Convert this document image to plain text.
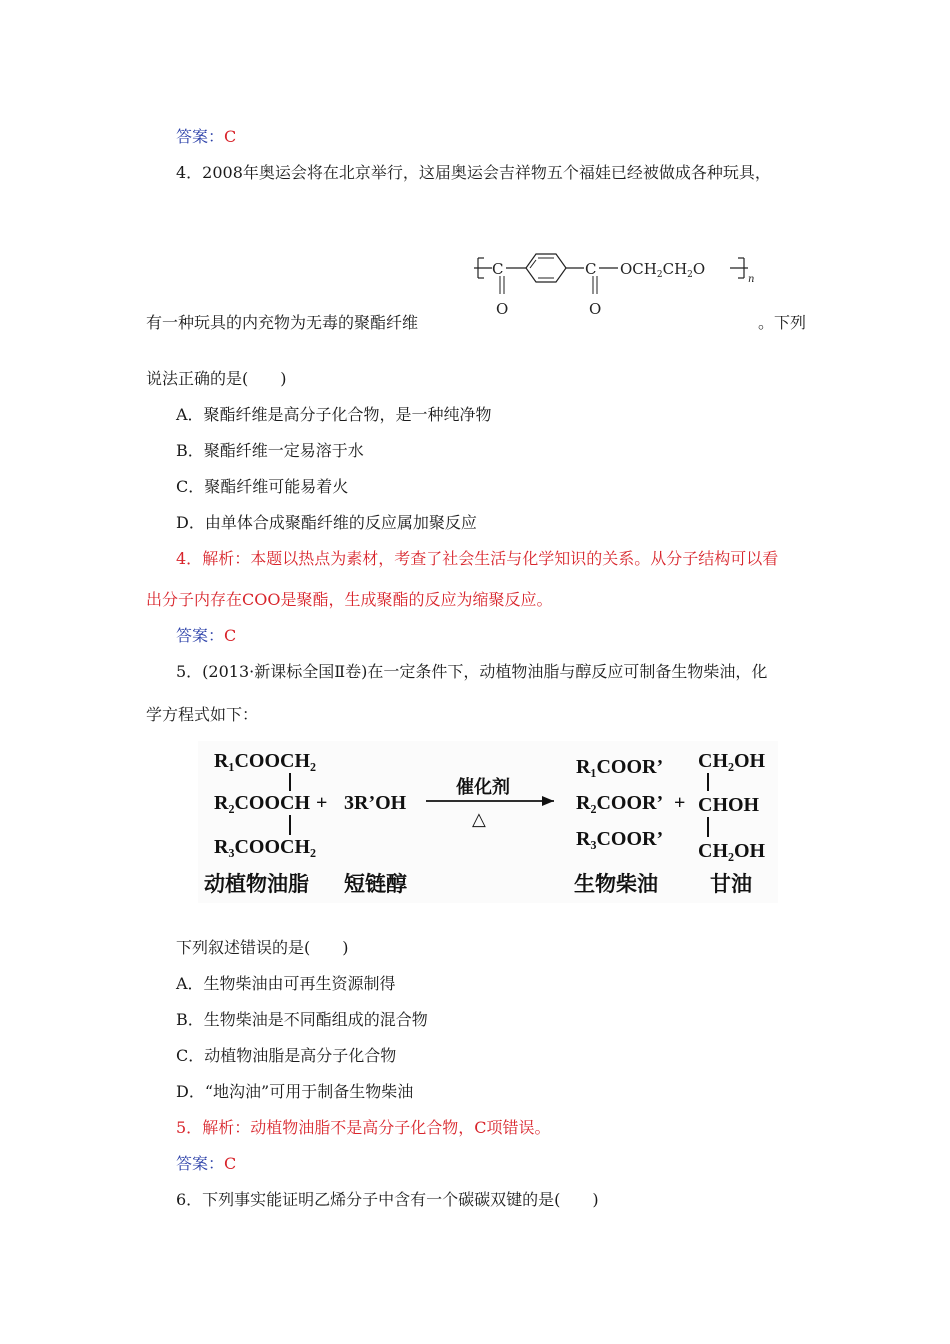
答案：C
4．2008年奥运会将在北京举行，这届奥运会吉祥物五个福娃已经被做成各种玩具，
C
O
C
O
$OCH_2CH_2O$
n
有一种玩具的内充物为无毒的聚酯纤维	。下列
说法正确的是(　　)
A．聚酯纤维是高分子化合物，是一种纯净物
B．聚酯纤维一定易溶于水
C．聚酯纤维可能易着火
D．由单体合成聚酯纤维的反应属加聚反应
4．解析：本题以热点为素材，考查了社会生活与化学知识的关系。从分子结构可以看
出分子内存在COO是聚酯，生成聚酯的反应为缩聚反应。
答案：C
5．(2013·新课标全国Ⅱ卷)在一定条件下，动植物油脂与醇反应可制备生物柴油，化
学方程式如下：
R₁COOCH₂
R₂COOCH +
R₃COOCH₂
3R’OH
催化剂
△
R₁COOR’
R₂COOR’ +
R₃COOR’
CH₂OH
CHOH
CH₂OH
动植物油脂 短链醇	生物柴油 甘油
下列叙述错误的是(　　)
A．生物柴油由可再生资源制得
B．生物柴油是不同酯组成的混合物
C．动植物油脂是高分子化合物
D．“地沟油”可用于制备生物柴油
5．解析：动植物油脂不是高分子化合物，C项错误。
答案：C
6．下列事实能证明乙烯分子中含有一个碳碳双键的是(　　)
